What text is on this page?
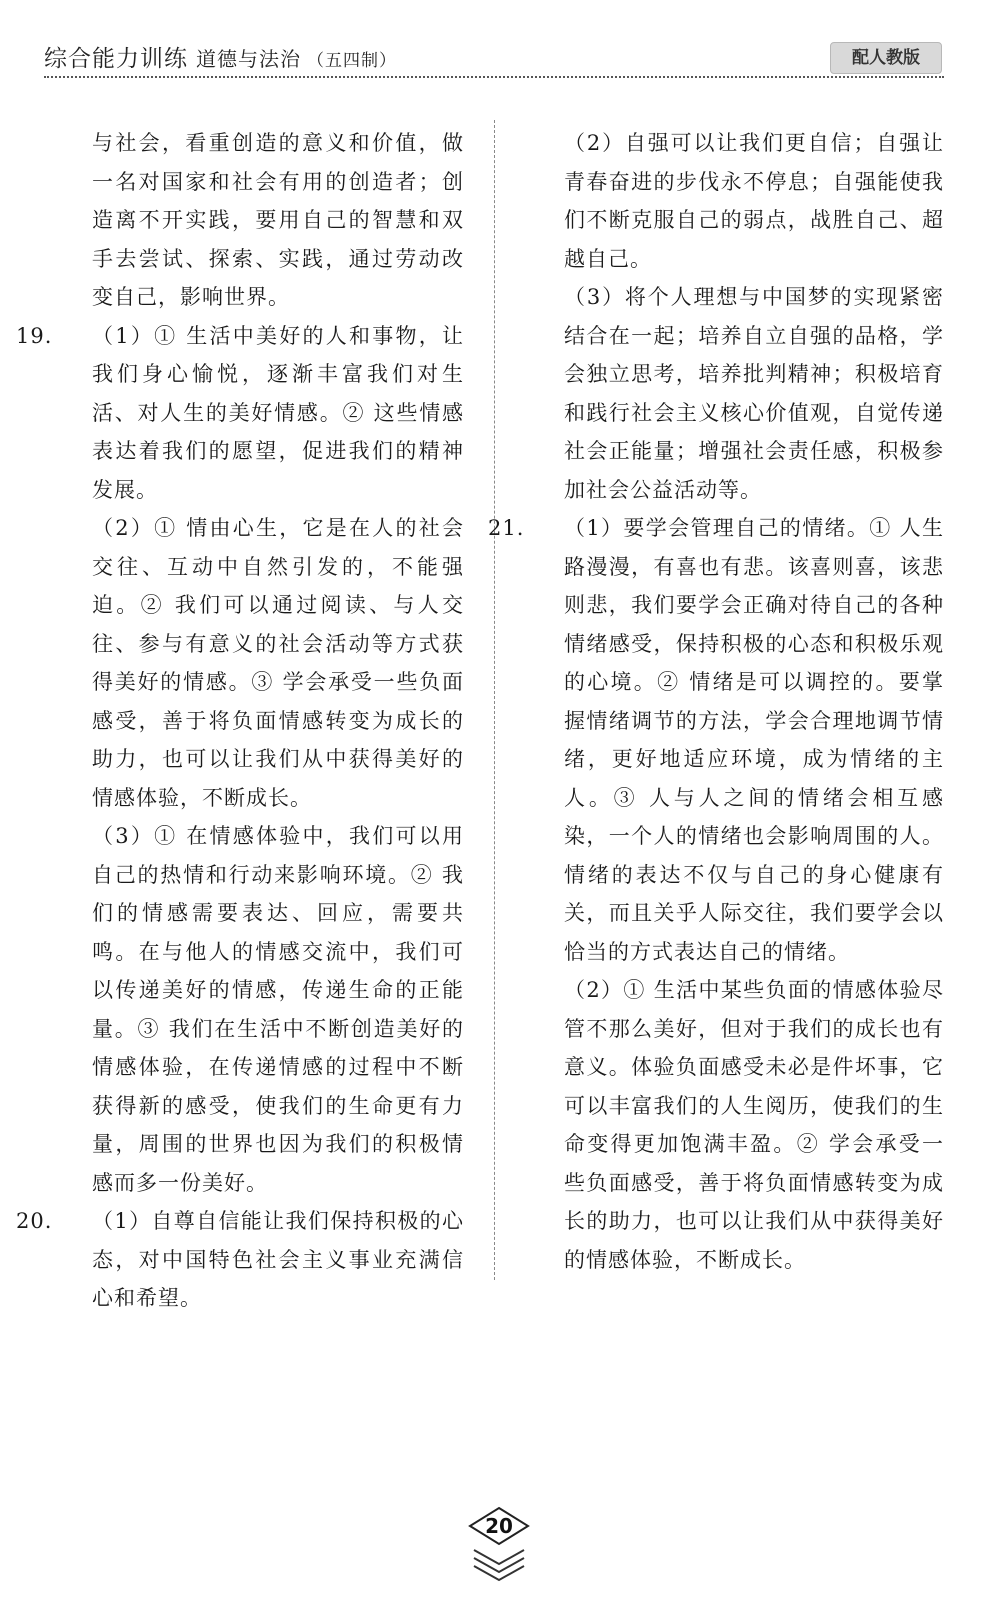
综合能力训练 道德与法治 （五四制）	配人教版

与社会，看重创造的意义和价值，做一名对国家和社会有用的创造者；创造离不开实践，要用自己的智慧和双手去尝试、探索、实践，通过劳动改变自己，影响世界。

19. （1）① 生活中美好的人和事物，让我们身心愉悦，逐渐丰富我们对生活、对人生的美好情感。② 这些情感表达着我们的愿望，促进我们的精神发展。

（2）① 情由心生，它是在人的社会交往、互动中自然引发的，不能强迫。② 我们可以通过阅读、与人交往、参与有意义的社会活动等方式获得美好的情感。③ 学会承受一些负面感受，善于将负面情感转变为成长的助力，也可以让我们从中获得美好的情感体验，不断成长。

（3）① 在情感体验中，我们可以用自己的热情和行动来影响环境。② 我们的情感需要表达、回应，需要共鸣。在与他人的情感交流中，我们可以传递美好的情感，传递生命的正能量。③ 我们在生活中不断创造美好的情感体验，在传递情感的过程中不断获得新的感受，使我们的生命更有力量，周围的世界也因为我们的积极情感而多一份美好。

20. （1）自尊自信能让我们保持积极的心态，对中国特色社会主义事业充满信心和希望。

（2）自强可以让我们更自信；自强让青春奋进的步伐永不停息；自强能使我们不断克服自己的弱点，战胜自己、超越自己。

（3）将个人理想与中国梦的实现紧密结合在一起；培养自立自强的品格，学会独立思考，培养批判精神；积极培育和践行社会主义核心价值观，自觉传递社会正能量；增强社会责任感，积极参加社会公益活动等。

21. （1）要学会管理自己的情绪。① 人生路漫漫，有喜也有悲。该喜则喜，该悲则悲，我们要学会正确对待自己的各种情绪感受，保持积极的心态和积极乐观的心境。② 情绪是可以调控的。要掌握情绪调节的方法，学会合理地调节情绪，更好地适应环境，成为情绪的主人。③ 人与人之间的情绪会相互感染，一个人的情绪也会影响周围的人。情绪的表达不仅与自己的身心健康有关，而且关乎人际交往，我们要学会以恰当的方式表达自己的情绪。

（2）① 生活中某些负面的情感体验尽管不那么美好，但对于我们的成长也有意义。体验负面感受未必是件坏事，它可以丰富我们的人生阅历，使我们的生命变得更加饱满丰盈。② 学会承受一些负面感受，善于将负面情感转变为成长的助力，也可以让我们从中获得美好的情感体验，不断成长。

20
